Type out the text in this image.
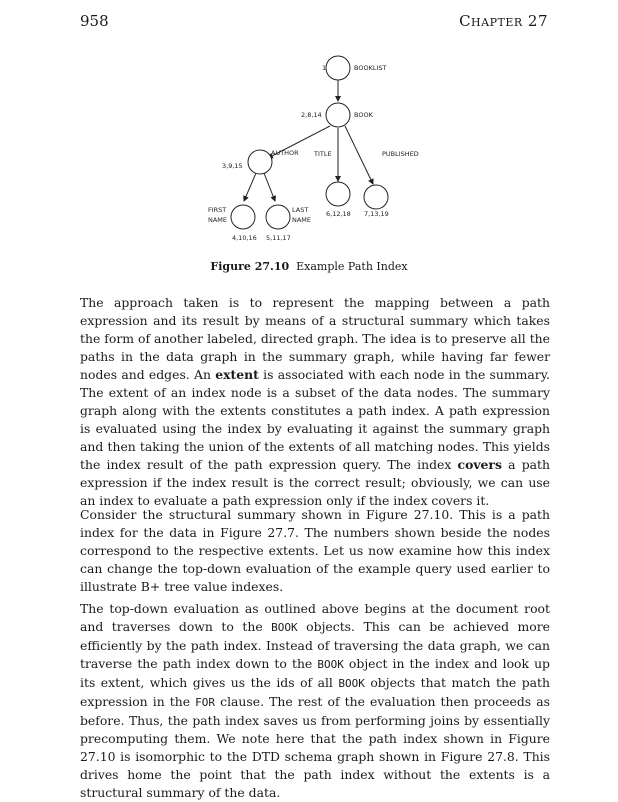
958	Chapter 27
1	BOOKLIST
2,8,14	BOOK
AUTHOR
3,9,15
TITLE
6,12,18
PUBLISHED
7,13,19
FIRST
NAME
4,10,16
LAST
NAME
5,11,17
Figure 27.10 Example Path Index
The approach taken is to represent the mapping between a path expression and its result by means of a structural summary which takes the form of another labeled, directed graph. The idea is to preserve all the paths in the data graph in the summary graph, while having far fewer nodes and edges. An extent is associated with each node in the summary. The extent of an index node is a subset of the data nodes. The summary graph along with the extents constitutes a path index. A path expression is evaluated using the index by evaluating it against the summary graph and then taking the union of the extents of all matching nodes. This yields the index result of the path expression query. The index covers a path expression if the index result is the correct result; obviously, we can use an index to evaluate a path expression only if the index covers it.
Consider the structural summary shown in Figure 27.10. This is a path index for the data in Figure 27.7. The numbers shown beside the nodes correspond to the respective extents. Let us now examine how this index can change the top-down evaluation of the example query used earlier to illustrate B+ tree value indexes.
The top-down evaluation as outlined above begins at the document root and traverses down to the BOOK objects. This can be achieved more efficiently by the path index. Instead of traversing the data graph, we can traverse the path index down to the BOOK object in the index and look up its extent, which gives us the ids of all BOOK objects that match the path expression in the FOR clause. The rest of the evaluation then proceeds as before. Thus, the path index saves us from performing joins by essentially precomputing them. We note here that the path index shown in Figure 27.10 is isomorphic to the DTD schema graph shown in Figure 27.8. This drives home the point that the path index without the extents is a structural summary of the data.
